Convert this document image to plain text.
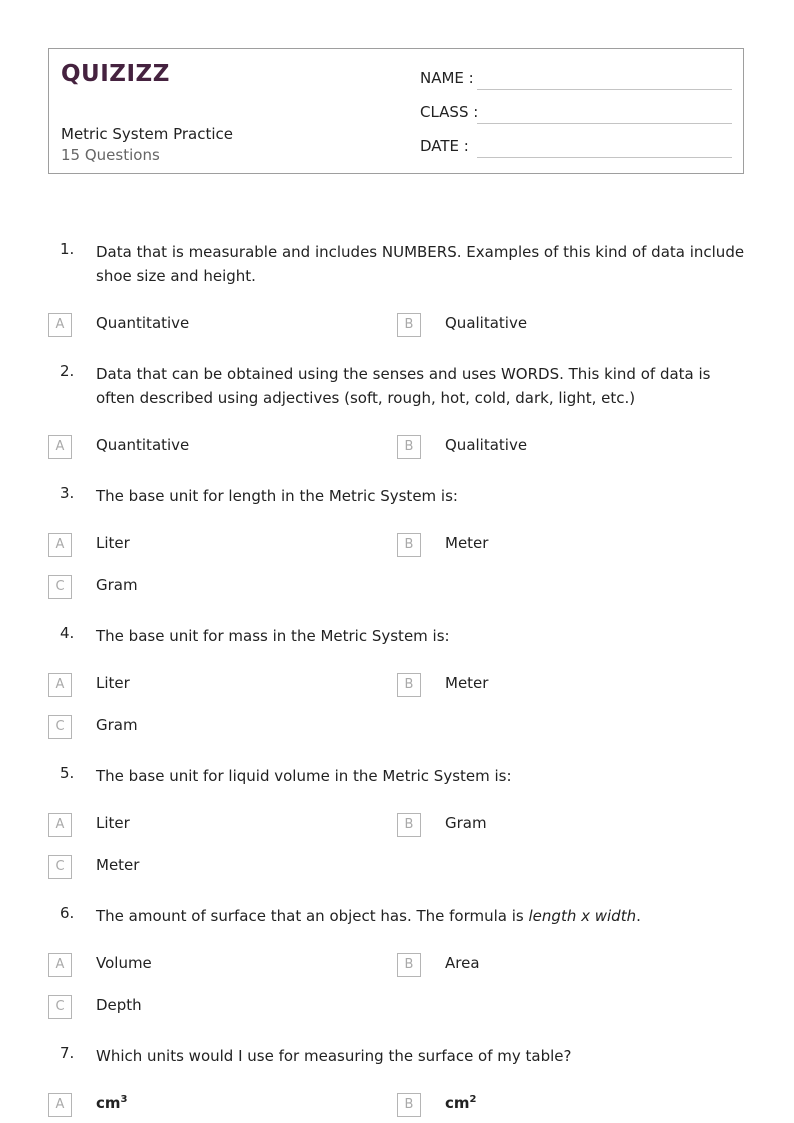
QUIZIZZ
Metric System Practice
15 Questions
NAME :
CLASS :
DATE :
1.	Data that is measurable and includes NUMBERS. Examples of this kind of data include shoe size and height.
A	Quantitative	B	Qualitative
2.	Data that can be obtained using the senses and uses WORDS. This kind of data is often described using adjectives (soft, rough, hot, cold, dark, light, etc.)
A	Quantitative	B	Qualitative
3.	The base unit for length in the Metric System is:
A	Liter	B	Meter
C	Gram
4.	The base unit for mass in the Metric System is:
A	Liter	B	Meter
C	Gram
5.	The base unit for liquid volume in the Metric System is:
A	Liter	B	Gram
C	Meter
6.	The amount of surface that an object has. The formula is length x width.
A	Volume	B	Area
C	Depth
7.	Which units would I use for measuring the surface of my table?
A	$cm^3$	B	$cm^2$
